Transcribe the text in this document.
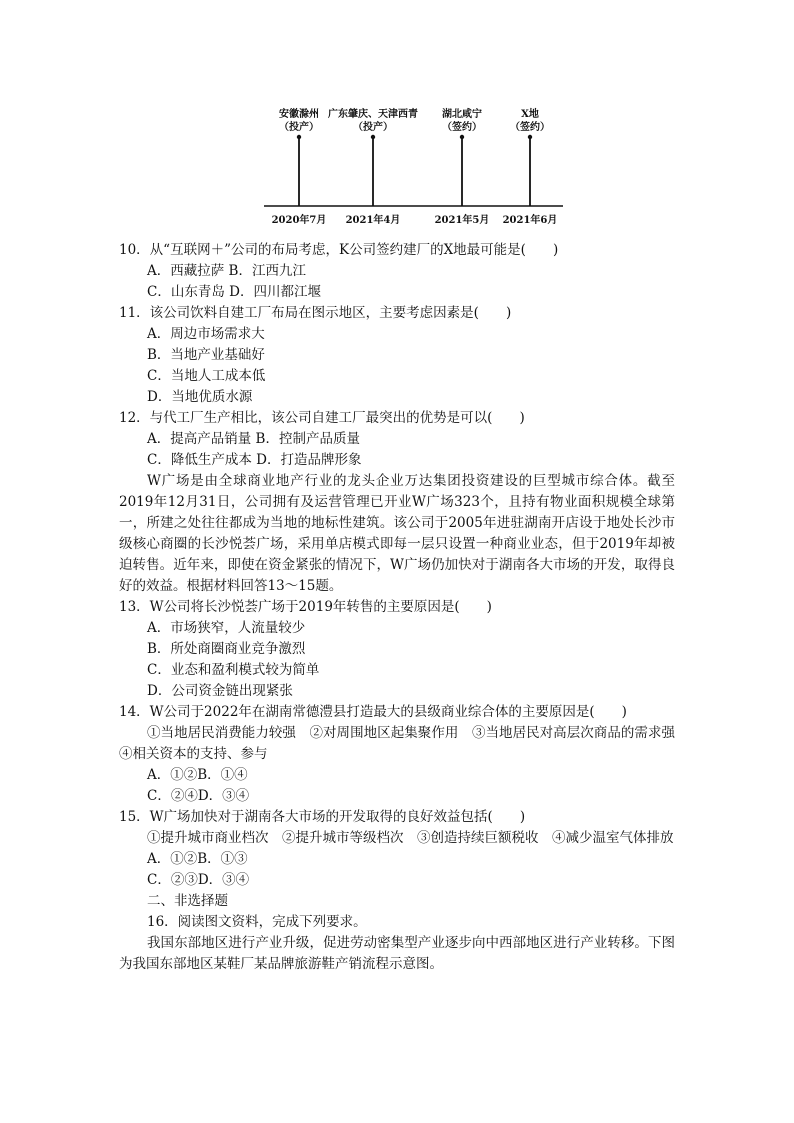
安徽滁州
（投产）
2020年7月
广东肇庆、天津西青
（投产）
2021年4月
湖北咸宁
（签约）
2021年5月
X地
（签约）
2021年6月
10．从“互联网＋”公司的布局考虑，K公司签约建厂的X地最可能是(　　)
A．西藏拉萨 B．江西九江
C．山东青岛 D．四川都江堰
11．该公司饮料自建工厂布局在图示地区，主要考虑因素是(　　)
A．周边市场需求大
B．当地产业基础好
C．当地人工成本低
D．当地优质水源
12．与代工厂生产相比，该公司自建工厂最突出的优势是可以(　　)
A．提高产品销量 B．控制产品质量
C．降低生产成本 D．打造品牌形象
W广场是由全球商业地产行业的龙头企业万达集团投资建设的巨型城市综合体。截至2019年12月31日，公司拥有及运营管理已开业W广场323个，且持有物业面积规模全球第一，所建之处往往都成为当地的地标性建筑。该公司于2005年进驻湖南开店设于地处长沙市级核心商圈的长沙悦荟广场，采用单店模式即每一层只设置一种商业业态，但于2019年却被迫转售。近年来，即使在资金紧张的情况下，W广场仍加快对于湖南各大市场的开发，取得良好的效益。根据材料回答13～15题。
13．W公司将长沙悦荟广场于2019年转售的主要原因是(　　)
A．市场狭窄，人流量较少
B．所处商圈商业竞争激烈
C．业态和盈利模式较为简单
D．公司资金链出现紧张
14．W公司于2022年在湖南常德澧县打造最大的县级商业综合体的主要原因是(　　)
①当地居民消费能力较强　②对周围地区起集聚作用　③当地居民对高层次商品的需求强　④相关资本的支持、参与
A．①②B．①④
C．②④D．③④
15．W广场加快对于湖南各大市场的开发取得的良好效益包括(　　)
①提升城市商业档次　②提升城市等级档次　③创造持续巨额税收　④减少温室气体排放
A．①②B．①③
C．②③D．③④
二、非选择题
16．阅读图文资料，完成下列要求。
我国东部地区进行产业升级，促进劳动密集型产业逐步向中西部地区进行产业转移。下图为我国东部地区某鞋厂某品牌旅游鞋产销流程示意图。
